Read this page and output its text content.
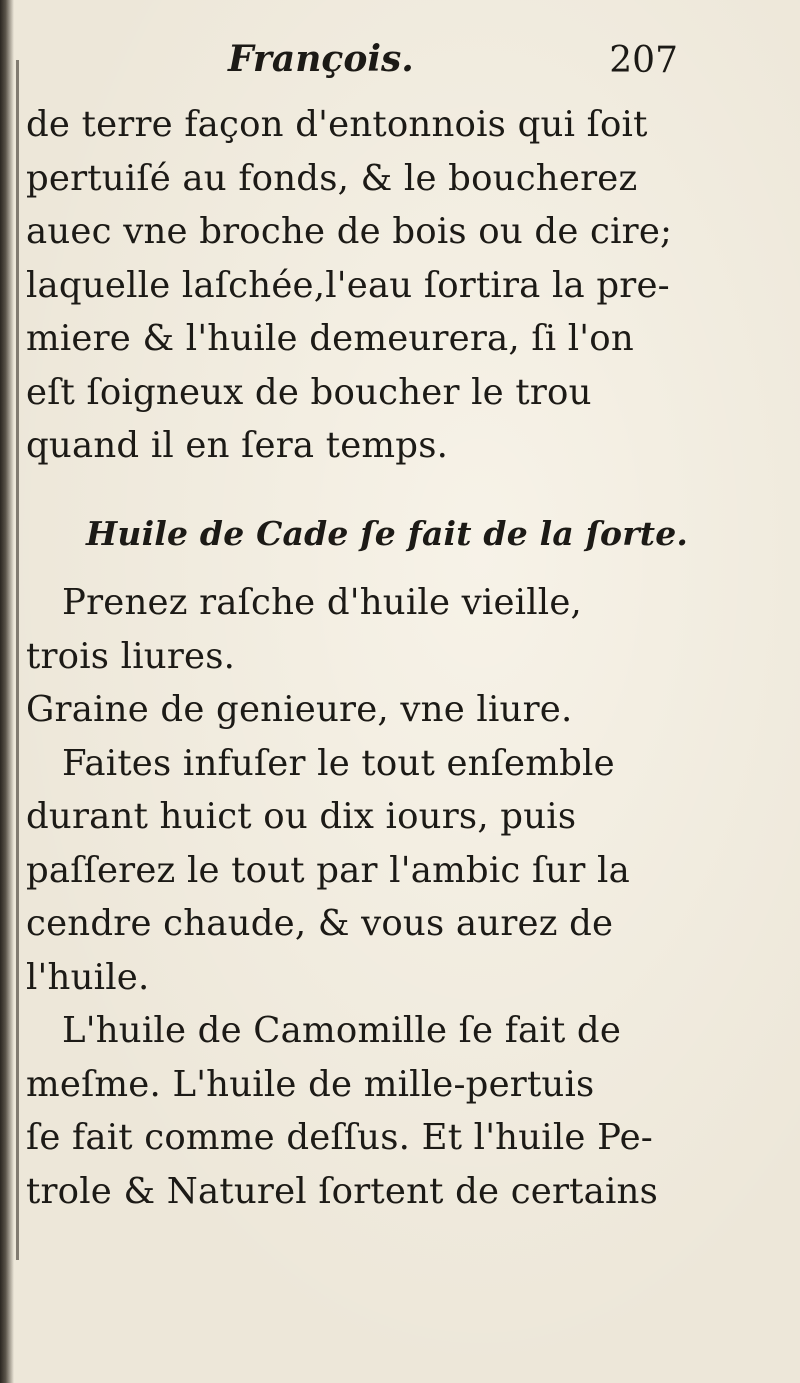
François.	207
de terre façon d'entonnois qui ſoit
pertuiſé au fonds, & le boucherez
auec vne broche de bois ou de cire;
laquelle laſchée,l'eau ſortira la pre-
miere & l'huile demeurera, ſi l'on
eſt ſoigneux de boucher le trou
quand il en ſera temps.
Huile de Cade ſe fait de la ſorte.
Prenez raſche d'huile vieille,
trois liures.
Graine de genieure, vne liure.
Faites infuſer le tout enſemble
durant huict ou dix iours, puis
paſſerez le tout par l'ambic ſur la
cendre chaude, & vous aurez de
l'huile.
L'huile de Camomille ſe fait de
meſme. L'huile de mille-pertuis
ſe fait comme deſſus. Et l'huile Pe-
trole & Naturel ſortent de certains
